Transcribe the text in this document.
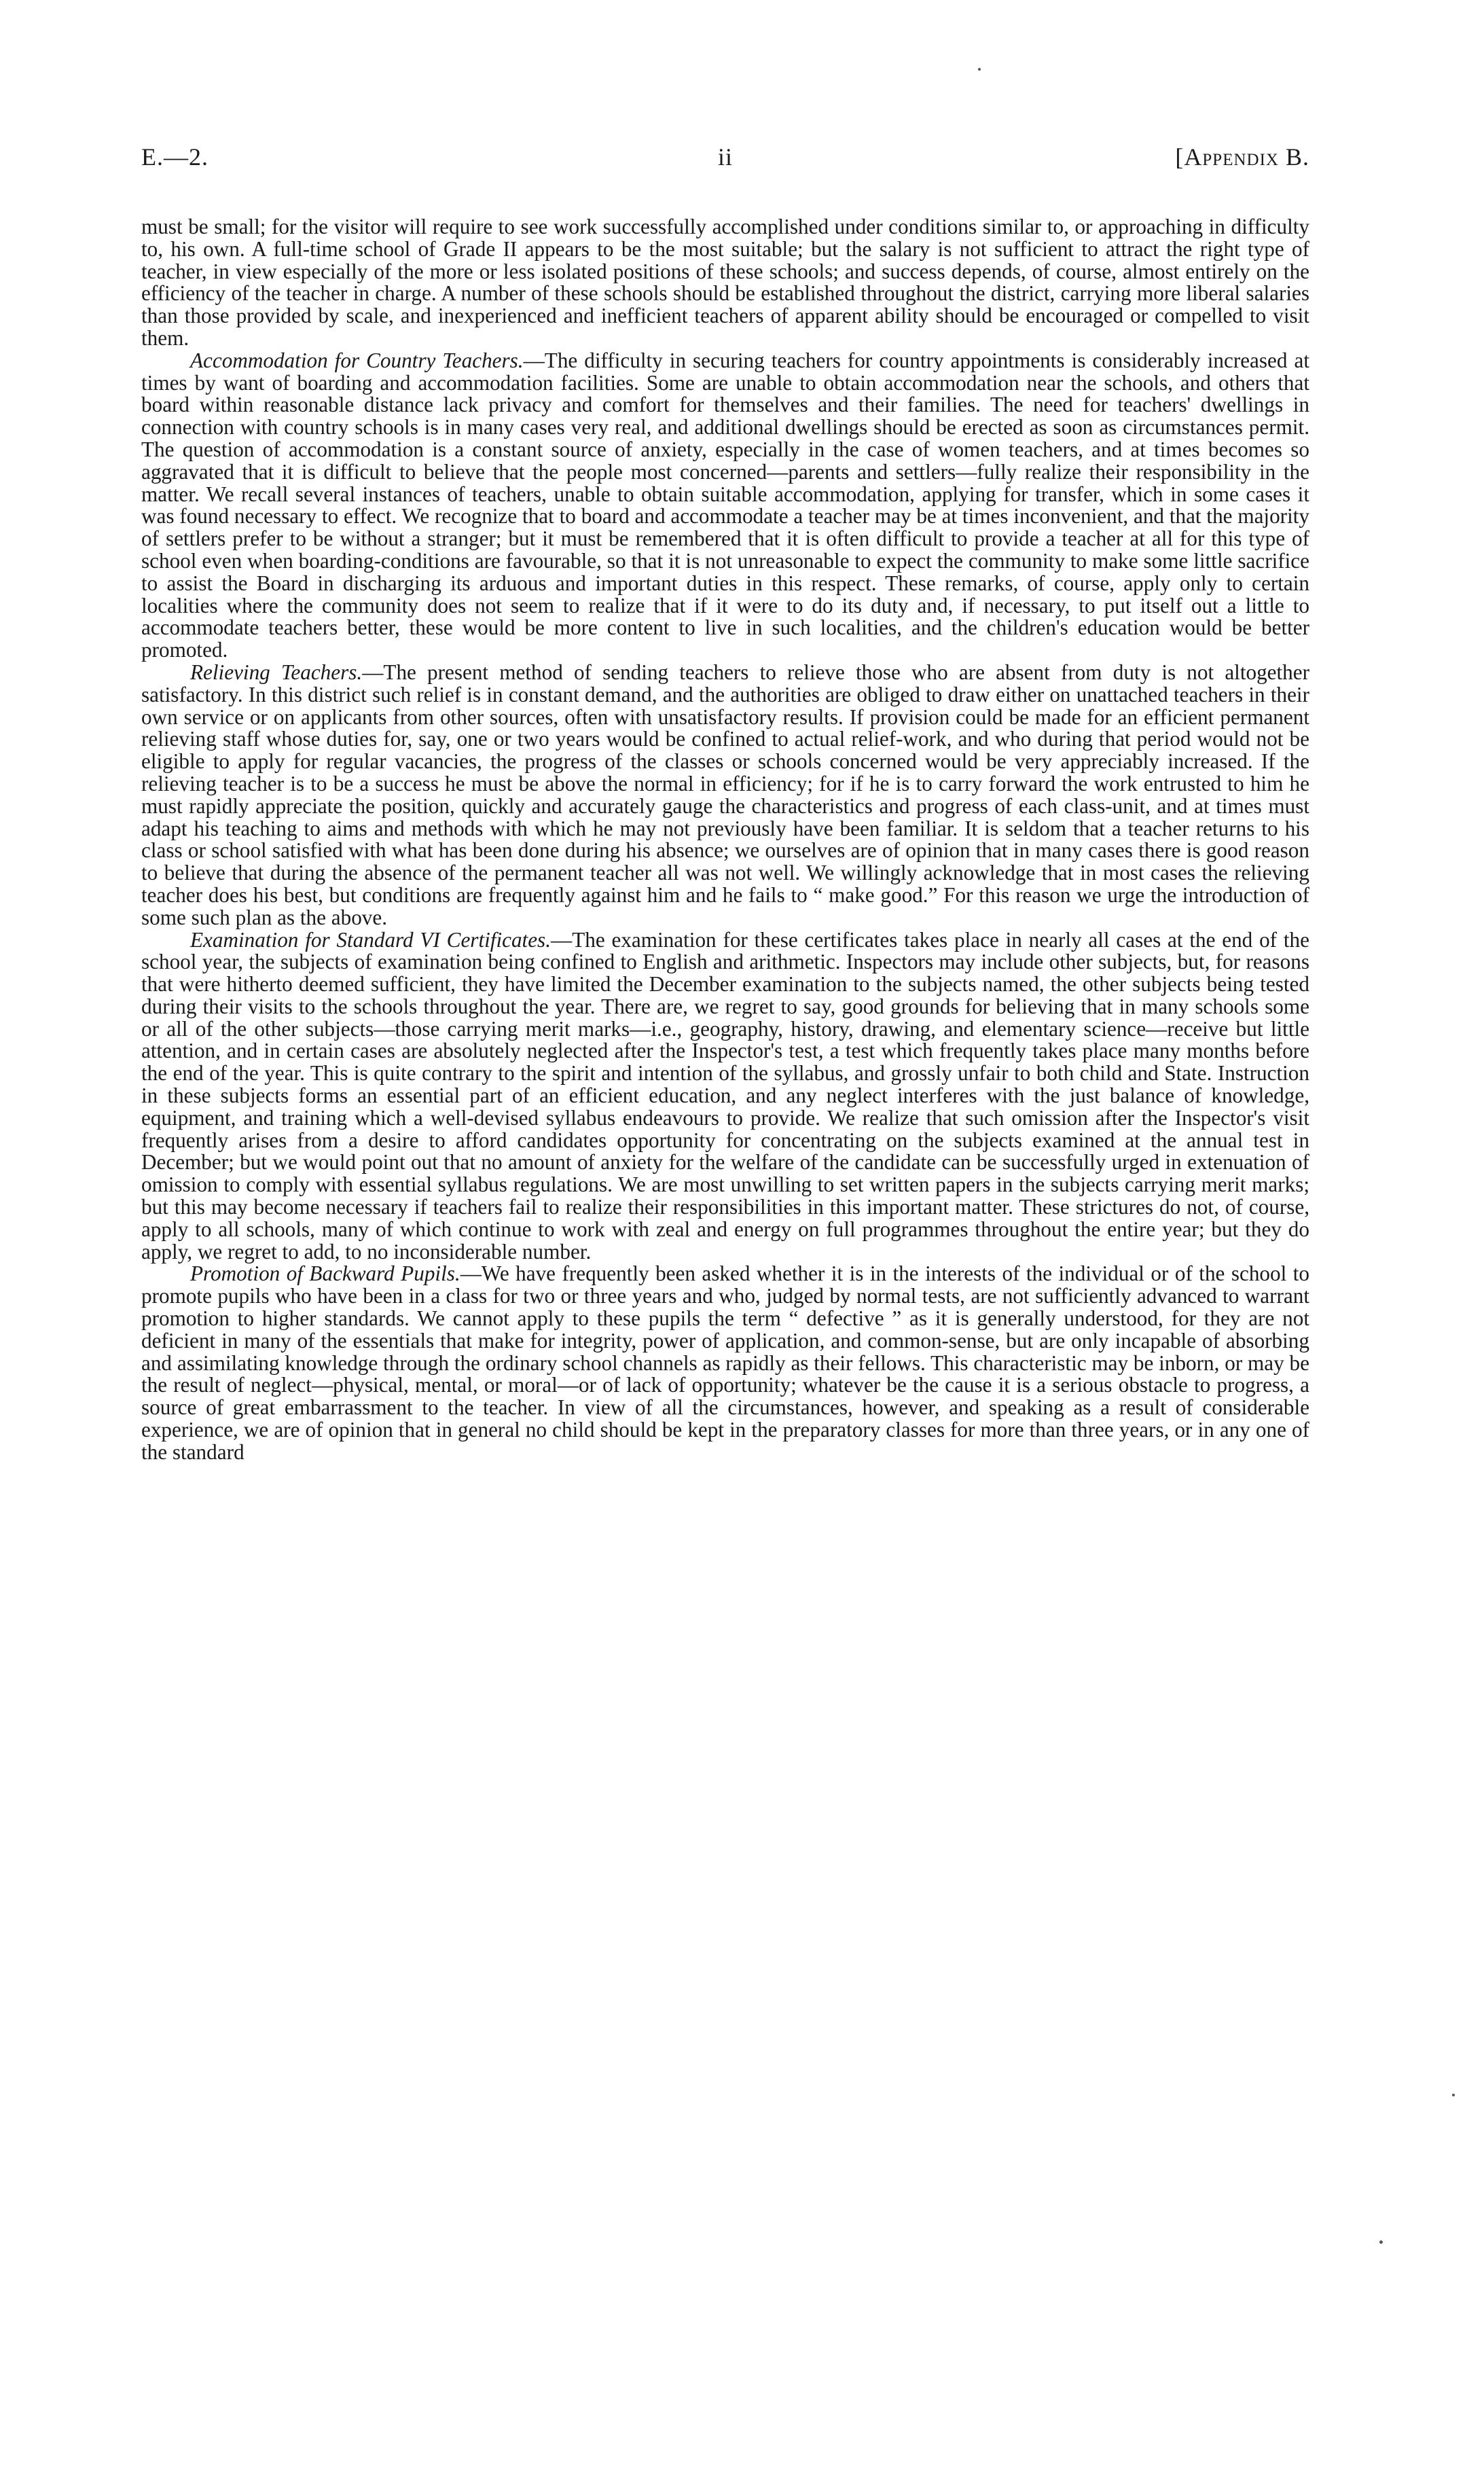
E.—2.	ii	[Appendix B.

must be small; for the visitor will require to see work successfully accomplished under conditions similar to, or approaching in difficulty to, his own. A full-time school of Grade II appears to be the most suitable; but the salary is not sufficient to attract the right type of teacher, in view especially of the more or less isolated positions of these schools; and success depends, of course, almost entirely on the efficiency of the teacher in charge. A number of these schools should be established throughout the district, carrying more liberal salaries than those provided by scale, and inexperienced and inefficient teachers of apparent ability should be encouraged or compelled to visit them.

Accommodation for Country Teachers.—The difficulty in securing teachers for country appointments is considerably increased at times by want of boarding and accommodation facilities. Some are unable to obtain accommodation near the schools, and others that board within reasonable distance lack privacy and comfort for themselves and their families. The need for teachers' dwellings in connection with country schools is in many cases very real, and additional dwellings should be erected as soon as circumstances permit. The question of accommodation is a constant source of anxiety, especially in the case of women teachers, and at times becomes so aggravated that it is difficult to believe that the people most concerned—parents and settlers—fully realize their responsibility in the matter. We recall several instances of teachers, unable to obtain suitable accommodation, applying for transfer, which in some cases it was found necessary to effect. We recognize that to board and accommodate a teacher may be at times inconvenient, and that the majority of settlers prefer to be without a stranger; but it must be remembered that it is often difficult to provide a teacher at all for this type of school even when boarding-conditions are favourable, so that it is not unreasonable to expect the community to make some little sacrifice to assist the Board in discharging its arduous and important duties in this respect. These remarks, of course, apply only to certain localities where the community does not seem to realize that if it were to do its duty and, if necessary, to put itself out a little to accommodate teachers better, these would be more content to live in such localities, and the children's education would be better promoted.

Relieving Teachers.—The present method of sending teachers to relieve those who are absent from duty is not altogether satisfactory. In this district such relief is in constant demand, and the authorities are obliged to draw either on unattached teachers in their own service or on applicants from other sources, often with unsatisfactory results. If provision could be made for an efficient permanent relieving staff whose duties for, say, one or two years would be confined to actual relief-work, and who during that period would not be eligible to apply for regular vacancies, the progress of the classes or schools concerned would be very appreciably increased. If the relieving teacher is to be a success he must be above the normal in efficiency; for if he is to carry forward the work entrusted to him he must rapidly appreciate the position, quickly and accurately gauge the characteristics and progress of each class-unit, and at times must adapt his teaching to aims and methods with which he may not previously have been familiar. It is seldom that a teacher returns to his class or school satisfied with what has been done during his absence; we ourselves are of opinion that in many cases there is good reason to believe that during the absence of the permanent teacher all was not well. We willingly acknowledge that in most cases the relieving teacher does his best, but conditions are frequently against him and he fails to “ make good.” For this reason we urge the introduction of some such plan as the above.

Examination for Standard VI Certificates.—The examination for these certificates takes place in nearly all cases at the end of the school year, the subjects of examination being confined to English and arithmetic. Inspectors may include other subjects, but, for reasons that were hitherto deemed sufficient, they have limited the December examination to the subjects named, the other subjects being tested during their visits to the schools throughout the year. There are, we regret to say, good grounds for believing that in many schools some or all of the other subjects—those carrying merit marks—i.e., geography, history, drawing, and elementary science—receive but little attention, and in certain cases are absolutely neglected after the Inspector's test, a test which frequently takes place many months before the end of the year. This is quite contrary to the spirit and intention of the syllabus, and grossly unfair to both child and State. Instruction in these subjects forms an essential part of an efficient education, and any neglect interferes with the just balance of knowledge, equipment, and training which a well-devised syllabus endeavours to provide. We realize that such omission after the Inspector's visit frequently arises from a desire to afford candidates opportunity for concentrating on the subjects examined at the annual test in December; but we would point out that no amount of anxiety for the welfare of the candidate can be successfully urged in extenuation of omission to comply with essential syllabus regulations. We are most unwilling to set written papers in the subjects carrying merit marks; but this may become necessary if teachers fail to realize their responsibilities in this important matter. These strictures do not, of course, apply to all schools, many of which continue to work with zeal and energy on full programmes throughout the entire year; but they do apply, we regret to add, to no inconsiderable number.

Promotion of Backward Pupils.—We have frequently been asked whether it is in the interests of the individual or of the school to promote pupils who have been in a class for two or three years and who, judged by normal tests, are not sufficiently advanced to warrant promotion to higher standards. We cannot apply to these pupils the term “ defective ” as it is generally understood, for they are not deficient in many of the essentials that make for integrity, power of application, and common-sense, but are only incapable of absorbing and assimilating knowledge through the ordinary school channels as rapidly as their fellows. This characteristic may be inborn, or may be the result of neglect—physical, mental, or moral—or of lack of opportunity; whatever be the cause it is a serious obstacle to progress, a source of great embarrassment to the teacher. In view of all the circumstances, however, and speaking as a result of considerable experience, we are of opinion that in general no child should be kept in the preparatory classes for more than three years, or in any one of the standard
